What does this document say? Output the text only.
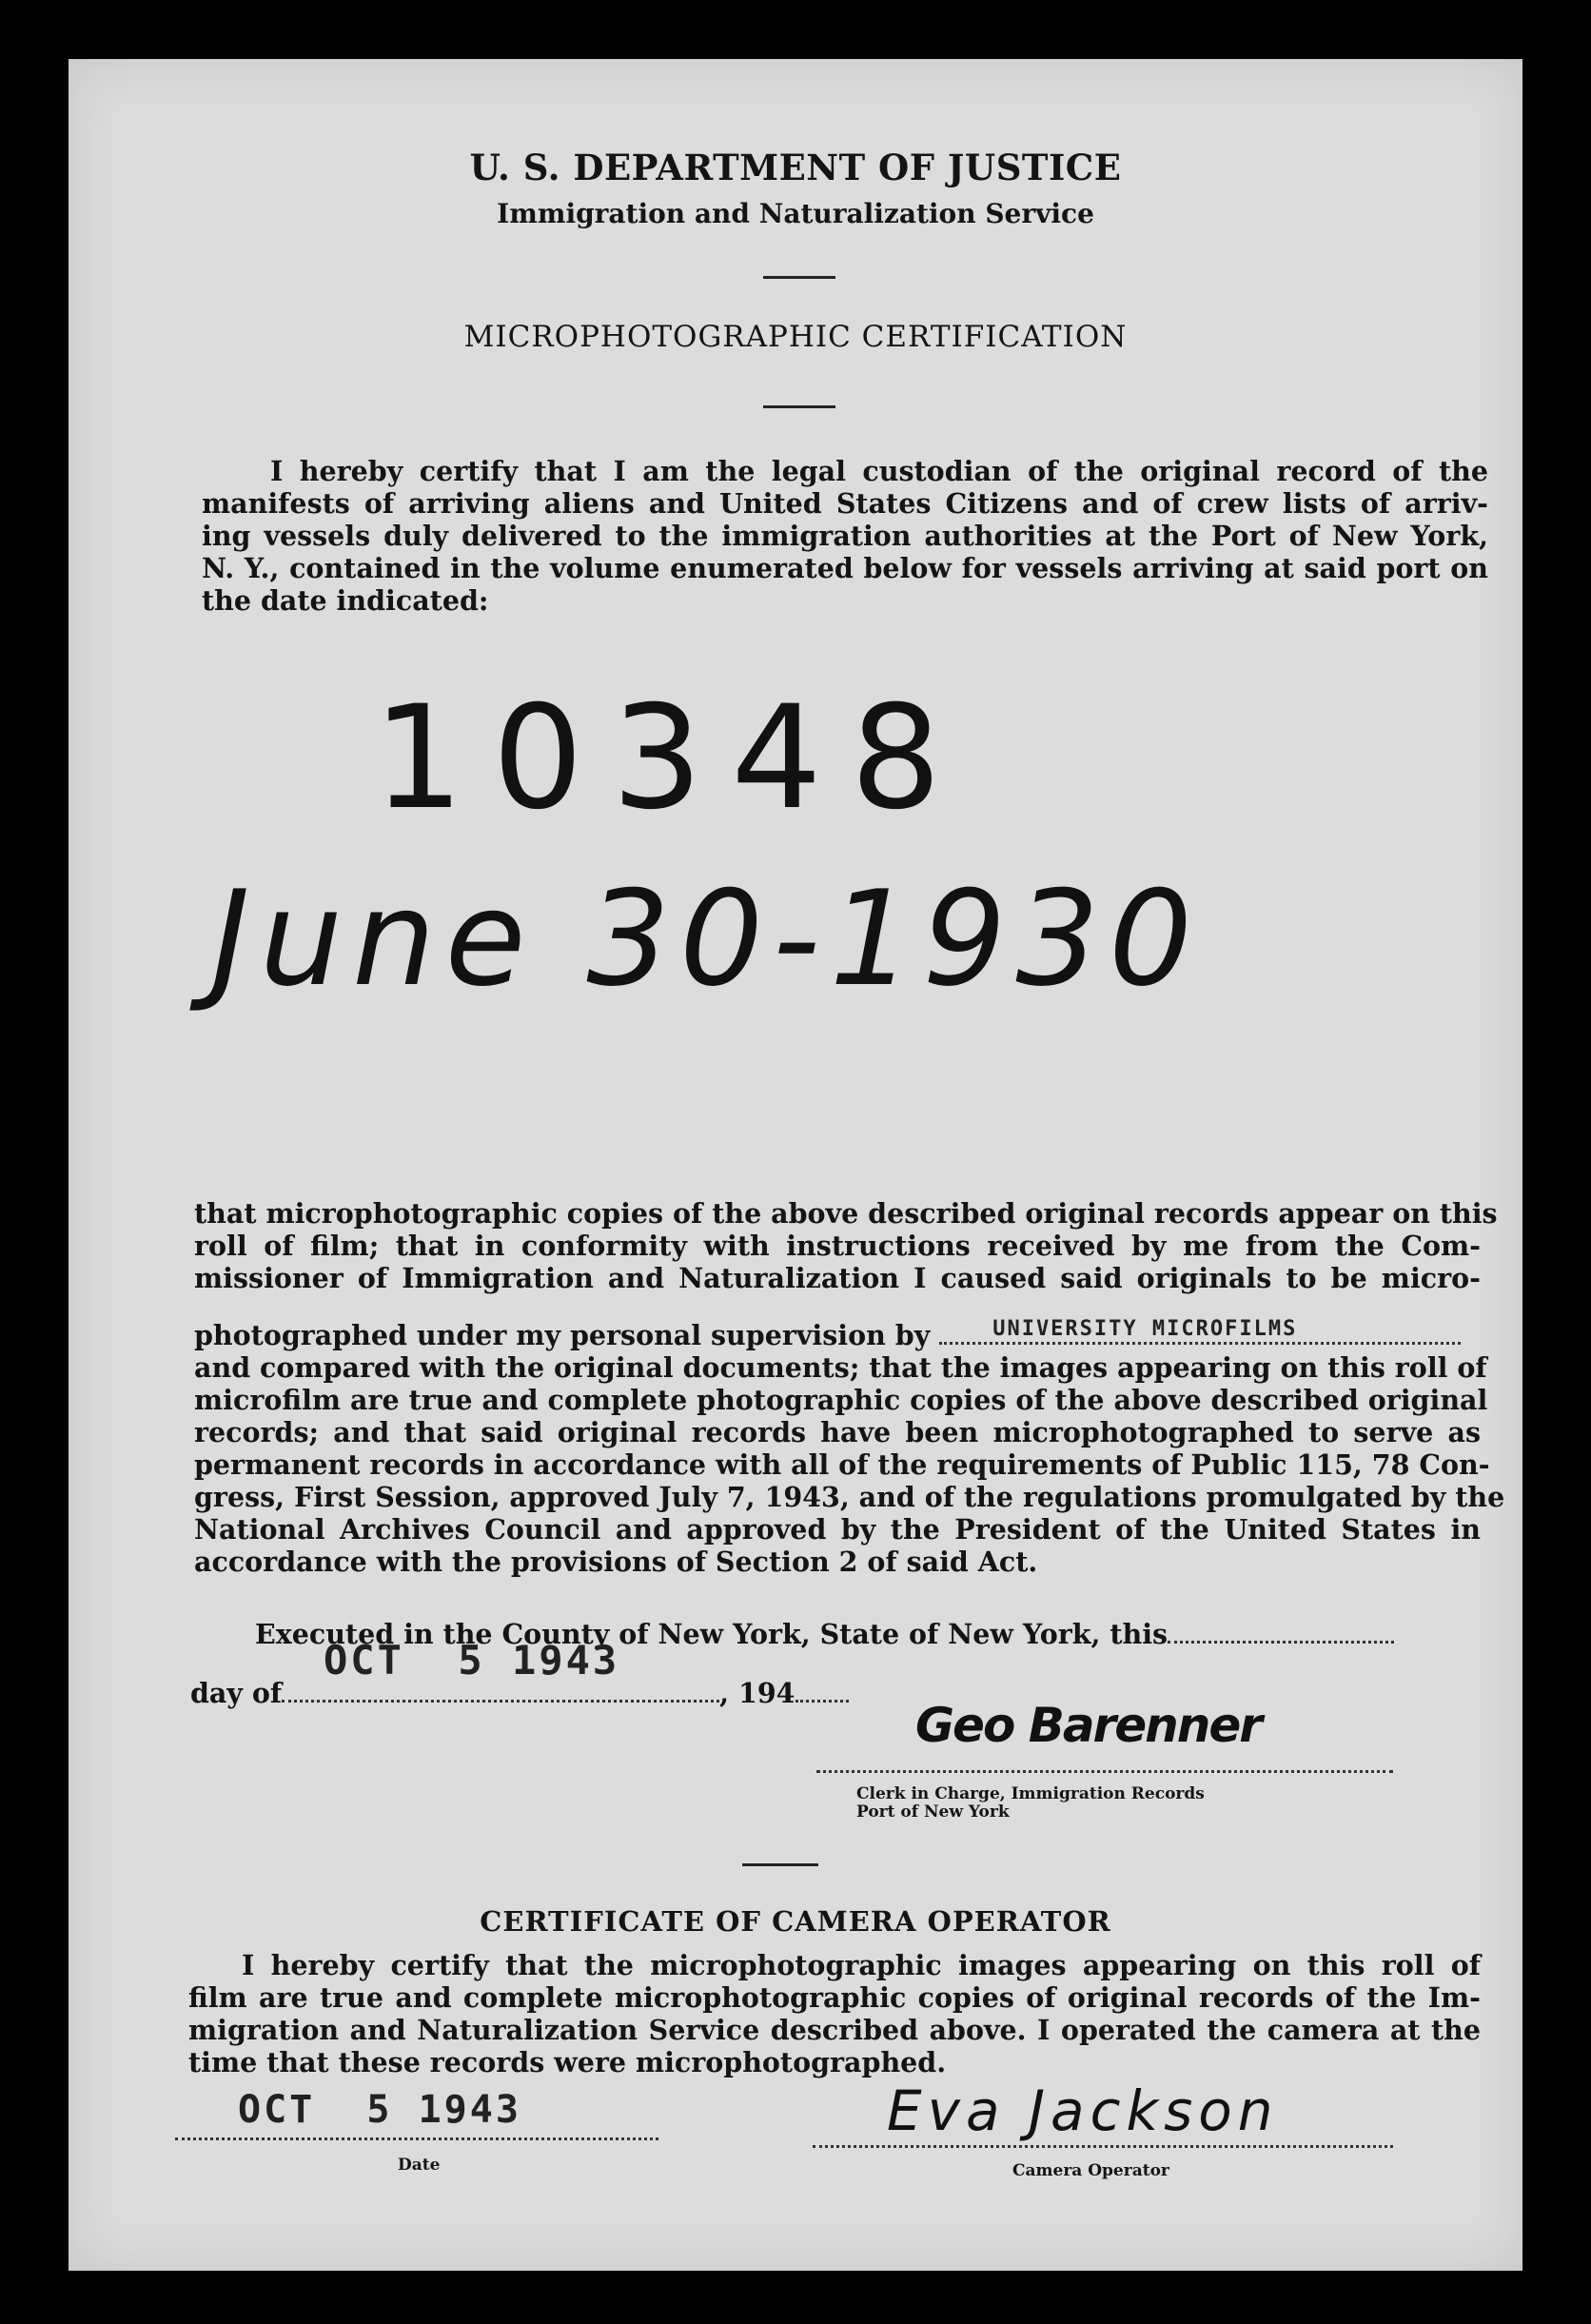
U. S. DEPARTMENT OF JUSTICE
Immigration and Naturalization Service
MICROPHOTOGRAPHIC CERTIFICATION
I hereby certify that I am the legal custodian of the original record of the
manifests of arriving aliens and United States Citizens and of crew lists of arriv-
ing vessels duly delivered to the immigration authorities at the Port of New York,
N. Y., contained in the volume enumerated below for vessels arriving at said port on
the date indicated:
10348
June 30-1930
that microphotographic copies of the above described original records appear on this
roll of film; that in conformity with instructions received by me from the Com-
missioner of Immigration and Naturalization I caused said originals to be micro-
photographed under my personal supervision by	UNIVERSITY MICROFILMS
and compared with the original documents; that the images appearing on this roll of
microfilm are true and complete photographic copies of the above described original
records; and that said original records have been microphotographed to serve as
permanent records in accordance with all of the requirements of Public 115, 78 Con-
gress, First Session, approved July 7, 1943, and of the regulations promulgated by the
National Archives Council and approved by the President of the United States in
accordance with the provisions of Section 2 of said Act.
Executed in the County of New York, State of New York, this
OCT  5 1943
day of	, 194
Geo Barenner
Clerk in Charge, Immigration Records
Port of New York
CERTIFICATE OF CAMERA OPERATOR
I hereby certify that the microphotographic images appearing on this roll of
film are true and complete microphotographic copies of original records of the Im-
migration and Naturalization Service described above. I operated the camera at the
time that these records were microphotographed.
OCT  5 1943
Date
Eva Jackson
Camera Operator
